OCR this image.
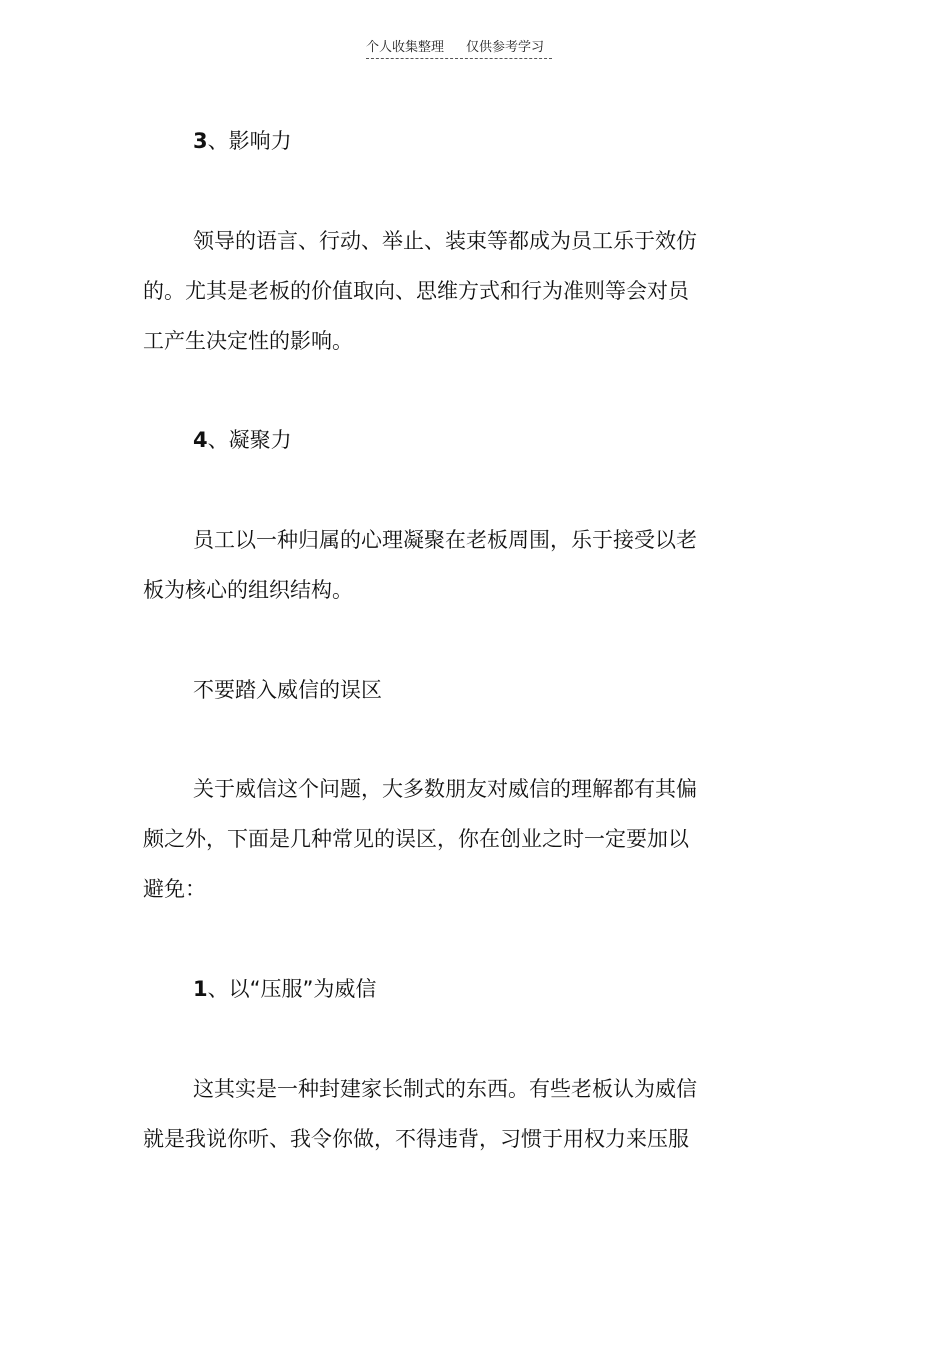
个人收集整理 仅供参考学习
3、影响力
领导的语言、行动、举止、装束等都成为员工乐于效仿
的。尤其是老板的价值取向、思维方式和行为准则等会对员
工产生决定性的影响。
4、凝聚力
员工以一种归属的心理凝聚在老板周围，乐于接受以老
板为核心的组织结构。
不要踏入威信的误区
关于威信这个问题，大多数朋友对威信的理解都有其偏
颇之外，下面是几种常见的误区，你在创业之时一定要加以
避免：
1、以“压服”为威信
这其实是一种封建家长制式的东西。有些老板认为威信
就是我说你听、我令你做，不得违背，习惯于用权力来压服
